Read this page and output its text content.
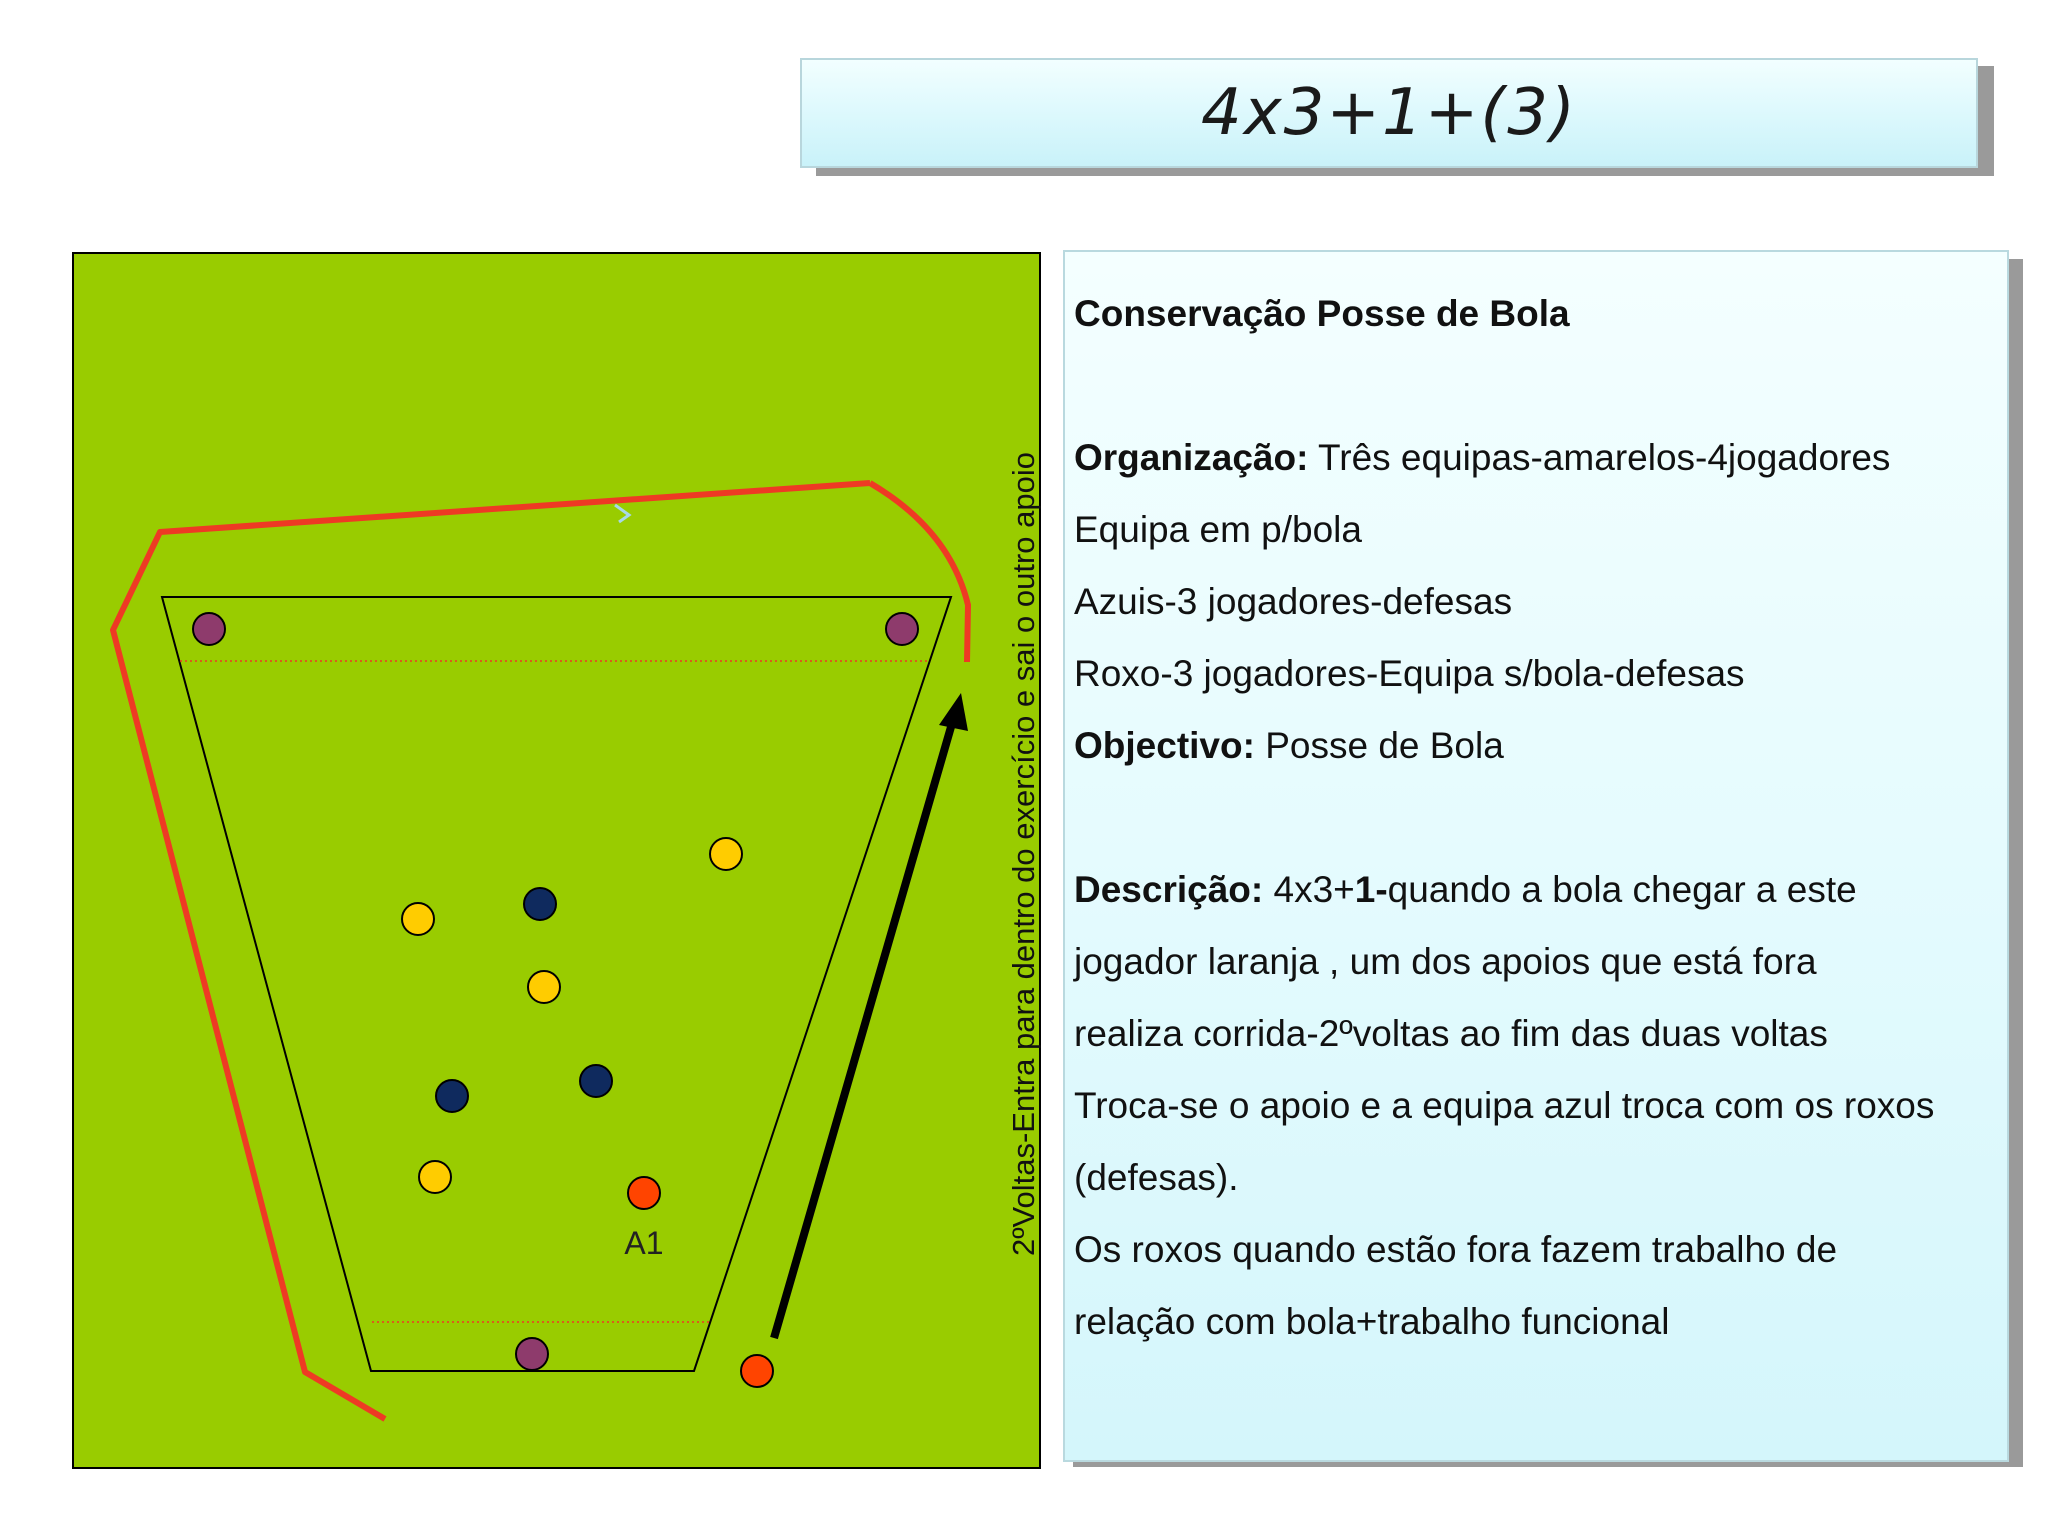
4x3+1+(3)
A1	2ºVoltas-Entra para dentro do exercício e sai o outro apoio
Conservação Posse de Bola
Organização: Três equipas-amarelos-4jogadores
Equipa em p/bola
Azuis-3 jogadores-defesas
Roxo-3 jogadores-Equipa s/bola-defesas
Objectivo: Posse de Bola
Descrição: 4x3+1-quando a bola chegar a este
jogador laranja , um dos apoios que está fora
realiza corrida-2ºvoltas ao fim das duas voltas
Troca-se o apoio e a equipa azul troca com os roxos
(defesas).
Os roxos quando estão fora fazem trabalho de
relação com bola+trabalho funcional
